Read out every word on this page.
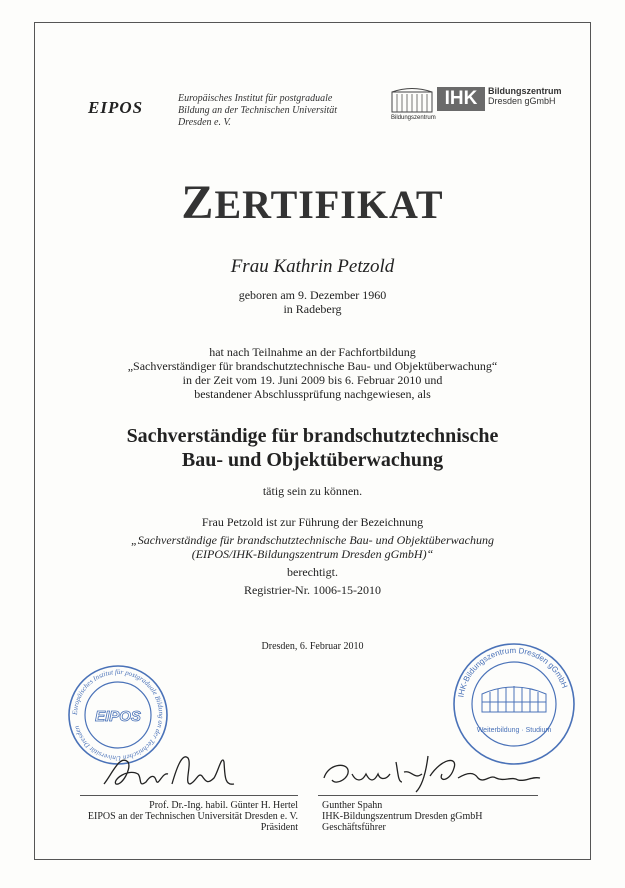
EIPOS	Europäisches Institut für postgraduale
Bildung an der Technischen Universität
Dresden e. V.	Bildungszentrum
IHK	Bildungszentrum
Dresden gGmbH
ZERTIFIKAT
Frau Kathrin Petzold
geboren am 9. Dezember 1960
in Radeberg
hat nach Teilnahme an der Fachfortbildung
„Sachverständiger für brandschutztechnische Bau- und Objektüberwachung“
in der Zeit vom 19. Juni 2009 bis 6. Februar 2010 und
bestandener Abschlussprüfung nachgewiesen, als
Sachverständige für brandschutztechnische
Bau- und Objektüberwachung
tätig sein zu können.
Frau Petzold ist zur Führung der Bezeichnung
„Sachverständige für brandschutztechnische Bau- und Objektüberwachung
(EIPOS/IHK-Bildungszentrum Dresden gGmbH)“
berechtigt.
Registrier-Nr. 1006-15-2010
Dresden, 6. Februar 2010
Europäisches Institut für postgraduale Bildung an der Technischen Universität Dresden
EIPOS
IHK-Bildungszentrum Dresden gGmbH
Weiterbildung · Studium
Prof. Dr.-Ing. habil. Günter H. Hertel
EIPOS an der Technischen Universität Dresden e. V.
Präsident
Gunther Spahn
IHK-Bildungszentrum Dresden gGmbH
Geschäftsführer
